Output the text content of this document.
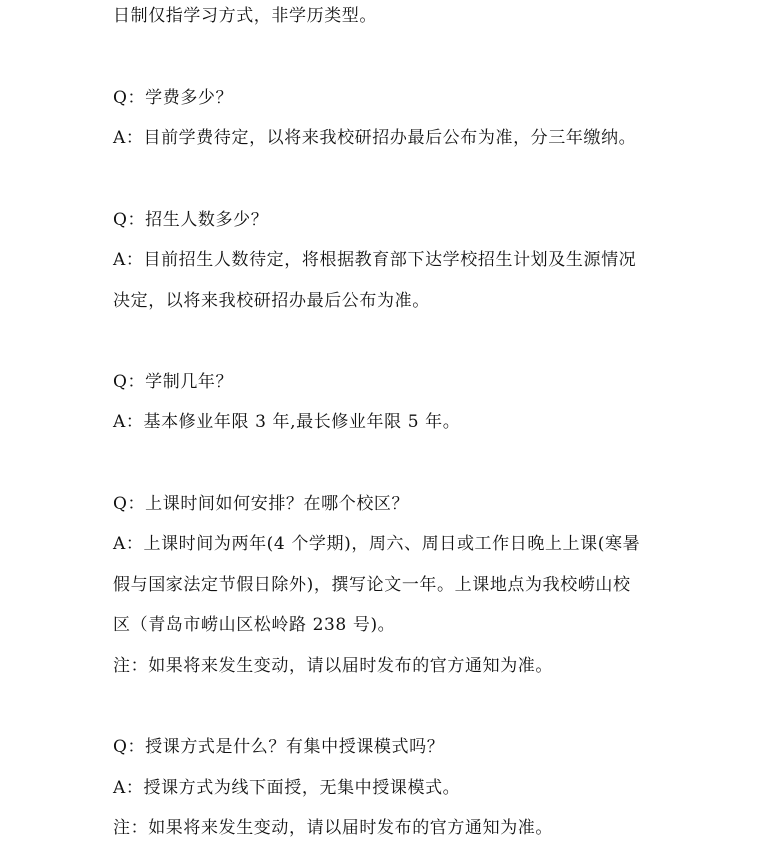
日制仅指学习方式，非学历类型。
Q：学费多少？
A：目前学费待定，以将来我校研招办最后公布为准，分三年缴纳。
Q：招生人数多少？
A：目前招生人数待定，将根据教育部下达学校招生计划及生源情况
决定，以将来我校研招办最后公布为准。
Q：学制几年？
A：基本修业年限 3 年,最长修业年限 5 年。
Q：上课时间如何安排？在哪个校区？
A：上课时间为两年(4 个学期)，周六、周日或工作日晚上上课(寒暑
假与国家法定节假日除外)，撰写论文一年。上课地点为我校崂山校
区（青岛市崂山区松岭路 238 号)。
注：如果将来发生变动，请以届时发布的官方通知为准。
Q：授课方式是什么？有集中授课模式吗？
A：授课方式为线下面授，无集中授课模式。
注：如果将来发生变动，请以届时发布的官方通知为准。
